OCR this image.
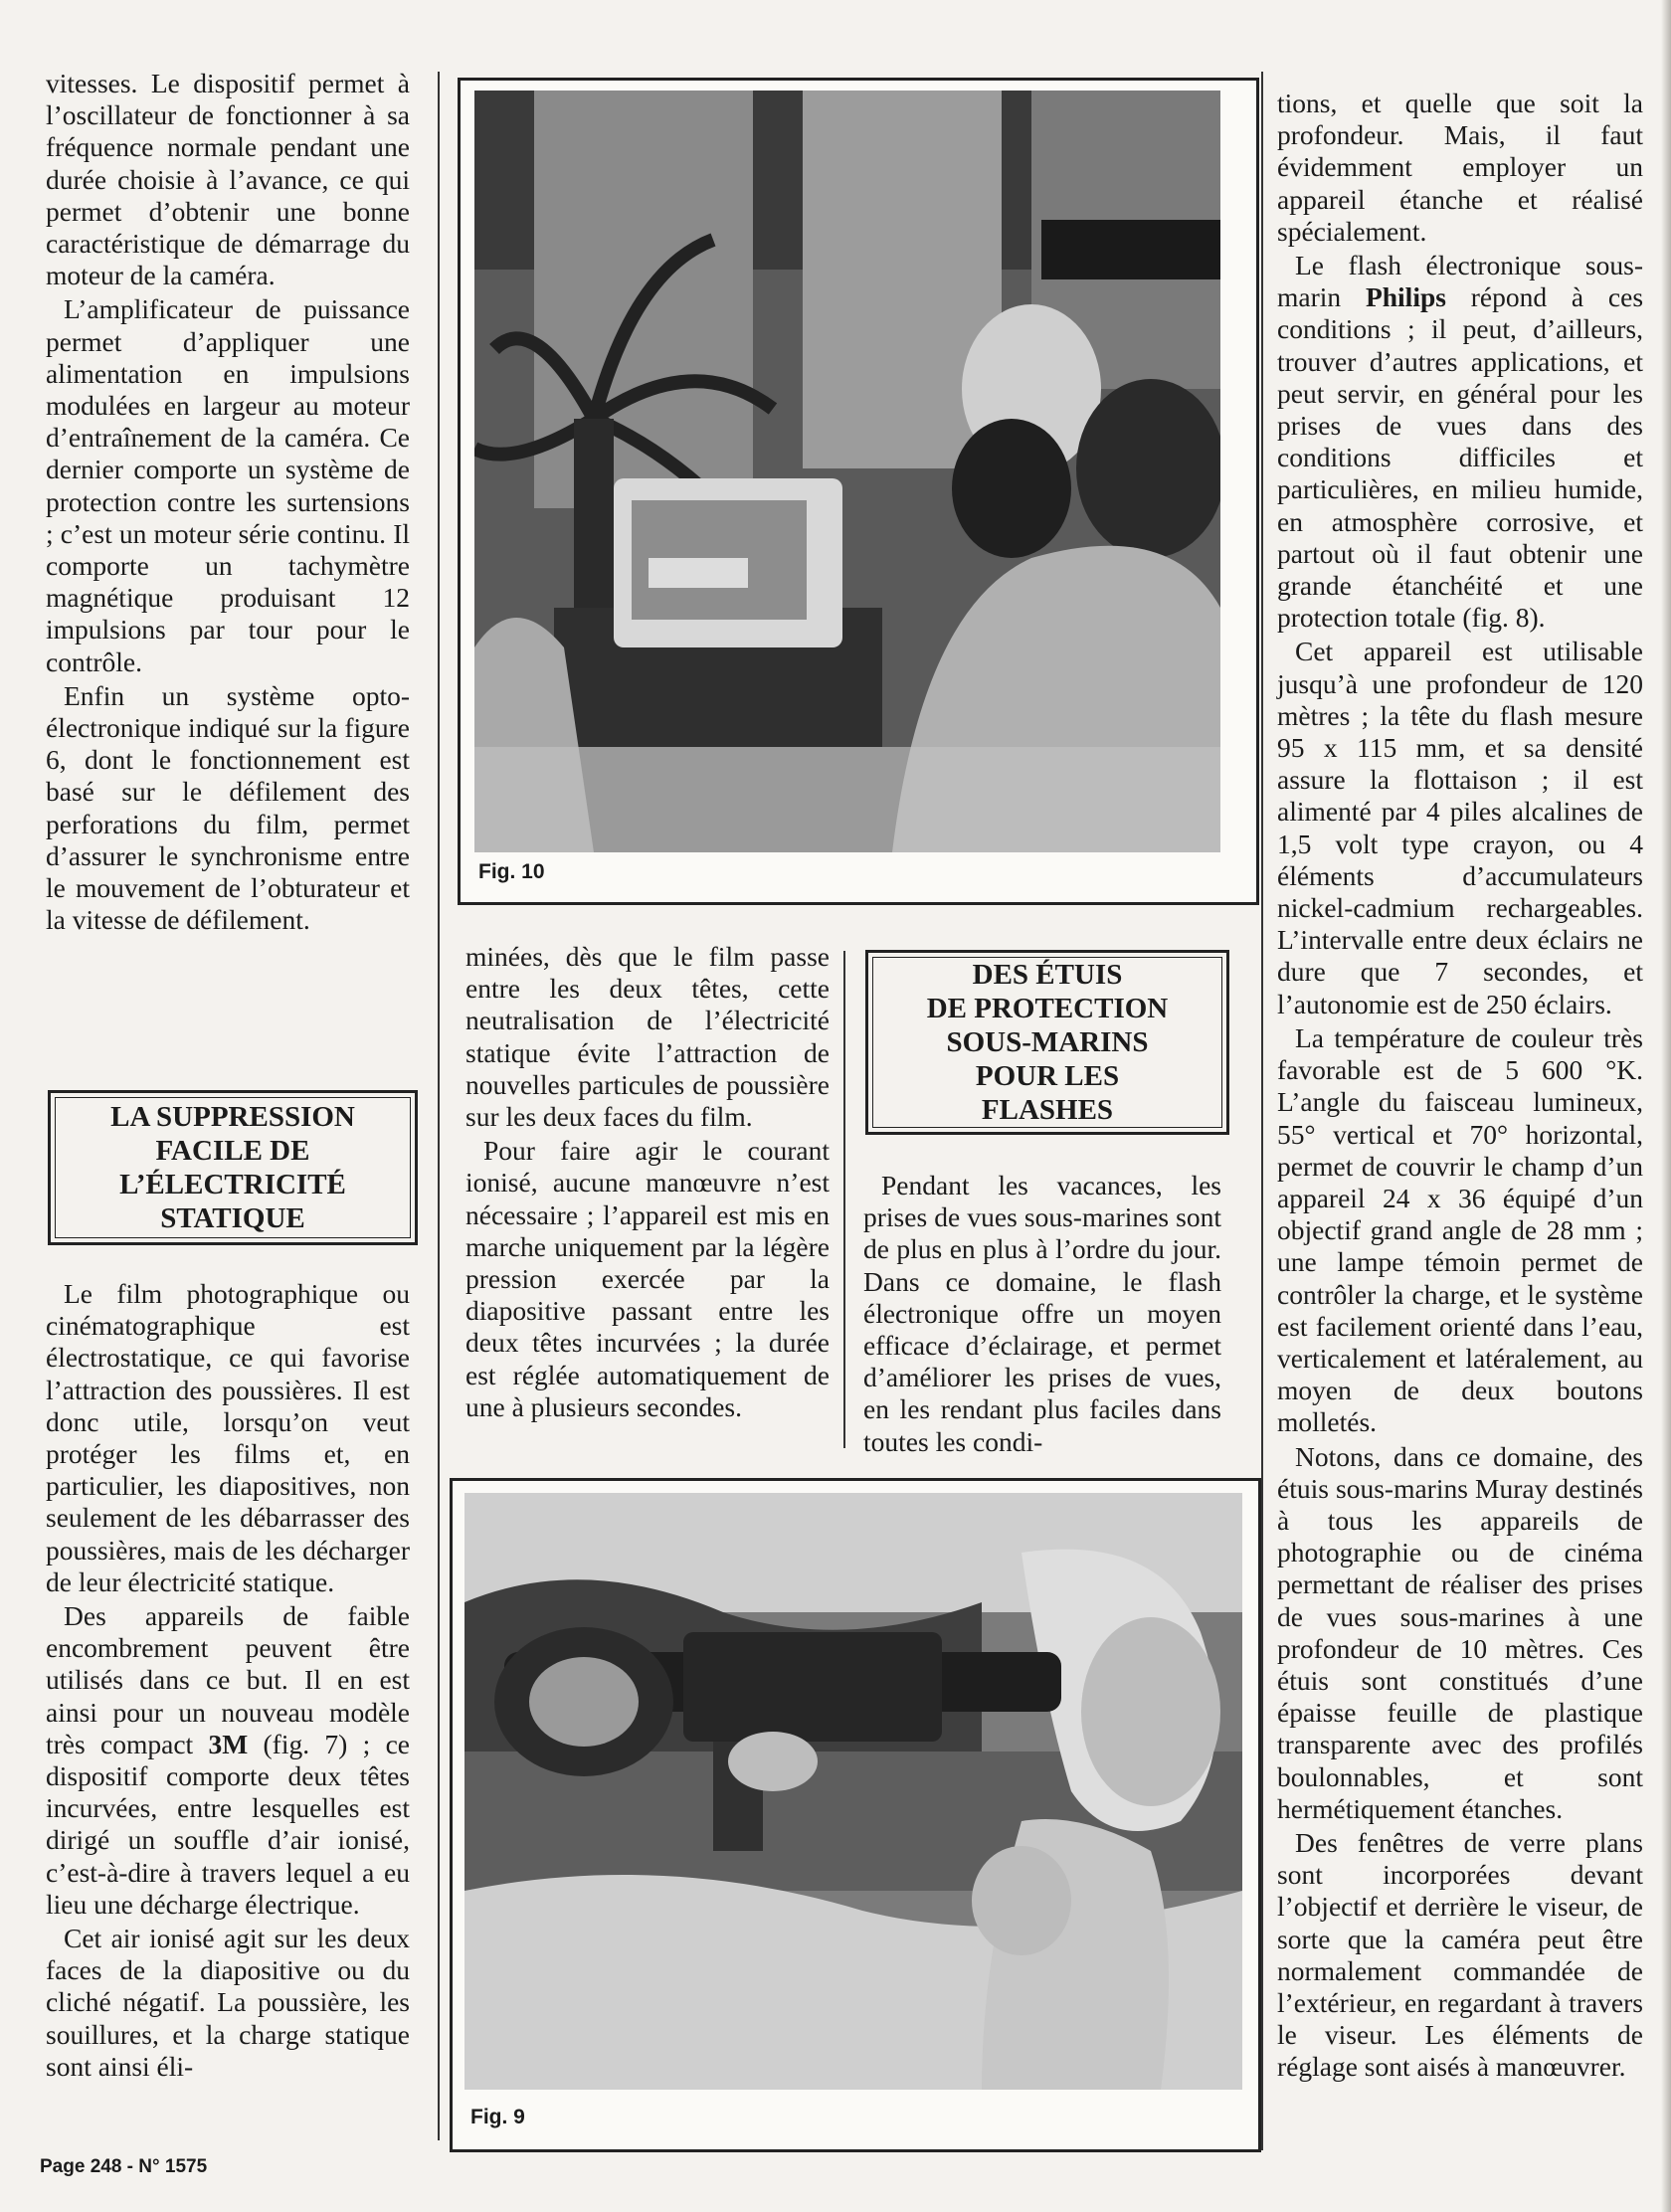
vitesses. Le dispositif permet à l’oscillateur de fonctionner à sa fréquence normale pendant une durée choisie à l’avance, ce qui permet d’obtenir une bonne caractéristique de démarrage du moteur de la caméra.

L’amplificateur de puissance permet d’appliquer une alimentation en impulsions modulées en largeur au moteur d’entraînement de la caméra. Ce dernier comporte un système de protection contre les surtensions ; c’est un moteur série continu. Il comporte un tachymètre magnétique produisant 12 impulsions par tour pour le contrôle.

Enfin un système opto-électronique indiqué sur la figure 6, dont le fonctionnement est basé sur le défilement des perforations du film, permet d’assurer le synchronisme entre le mouvement de l’obturateur et la vitesse de défilement.

LA SUPPRESSION
FACILE DE
L’ÉLECTRICITÉ
STATIQUE

Le film photographique ou cinématographique est électrostatique, ce qui favorise l’attraction des poussières. Il est donc utile, lorsqu’on veut protéger les films et, en particulier, les diapositives, non seulement de les débarrasser des poussières, mais de les décharger de leur électricité statique.

Des appareils de faible encombrement peuvent être utilisés dans ce but. Il en est ainsi pour un nouveau modèle très compact 3M (fig. 7) ; ce dispositif comporte deux têtes incurvées, entre lesquelles est dirigé un souffle d’air ionisé, c’est-à-dire à travers lequel a eu lieu une décharge électrique.

Cet air ionisé agit sur les deux faces de la diapositive ou du cliché négatif. La poussière, les souillures, et la charge statique sont ainsi éli-

Fig. 10

minées, dès que le film passe entre les deux têtes, cette neutralisation de l’électricité statique évite l’attraction de nouvelles particules de poussière sur les deux faces du film.

Pour faire agir le courant ionisé, aucune manœuvre n’est nécessaire ; l’appareil est mis en marche uniquement par la légère pression exercée par la diapositive passant entre les deux têtes incurvées ; la durée est réglée automatiquement de une à plusieurs secondes.

DES ÉTUIS
DE PROTECTION
SOUS-MARINS
POUR LES
FLASHES

Pendant les vacances, les prises de vues sous-marines sont de plus en plus à l’ordre du jour. Dans ce domaine, le flash électronique offre un moyen efficace d’éclairage, et permet d’améliorer les prises de vues, en les rendant plus faciles dans toutes les condi-

Fig. 9

tions, et quelle que soit la profondeur. Mais, il faut évidemment employer un appareil étanche et réalisé spécialement.

Le flash électronique sous-marin Philips répond à ces conditions ; il peut, d’ailleurs, trouver d’autres applications, et peut servir, en général pour les prises de vues dans des conditions difficiles et particulières, en milieu humide, en atmosphère corrosive, et partout où il faut obtenir une grande étanchéité et une protection totale (fig. 8).

Cet appareil est utilisable jusqu’à une profondeur de 120 mètres ; la tête du flash mesure 95 x 115 mm, et sa densité assure la flottaison ; il est alimenté par 4 piles alcalines de 1,5 volt type crayon, ou 4 éléments d’accumulateurs nickel-cadmium rechargeables. L’intervalle entre deux éclairs ne dure que 7 secondes, et l’autonomie est de 250 éclairs.

La température de couleur très favorable est de 5 600 °K. L’angle du faisceau lumineux, 55° vertical et 70° horizontal, permet de couvrir le champ d’un appareil 24 x 36 équipé d’un objectif grand angle de 28 mm ; une lampe témoin permet de contrôler la charge, et le système est facilement orienté dans l’eau, verticalement et latéralement, au moyen de deux boutons molletés.

Notons, dans ce domaine, des étuis sous-marins Muray destinés à tous les appareils de photographie ou de cinéma permettant de réaliser des prises de vues sous-marines à une profondeur de 10 mètres. Ces étuis sont constitués d’une épaisse feuille de plastique transparente avec des profilés boulonnables, et sont hermétiquement étanches.

Des fenêtres de verre plans sont incorporées devant l’objectif et derrière le viseur, de sorte que la caméra peut être normalement commandée de l’extérieur, en regardant à travers le viseur. Les éléments de réglage sont aisés à manœuvrer.

Page 248 - N° 1575
